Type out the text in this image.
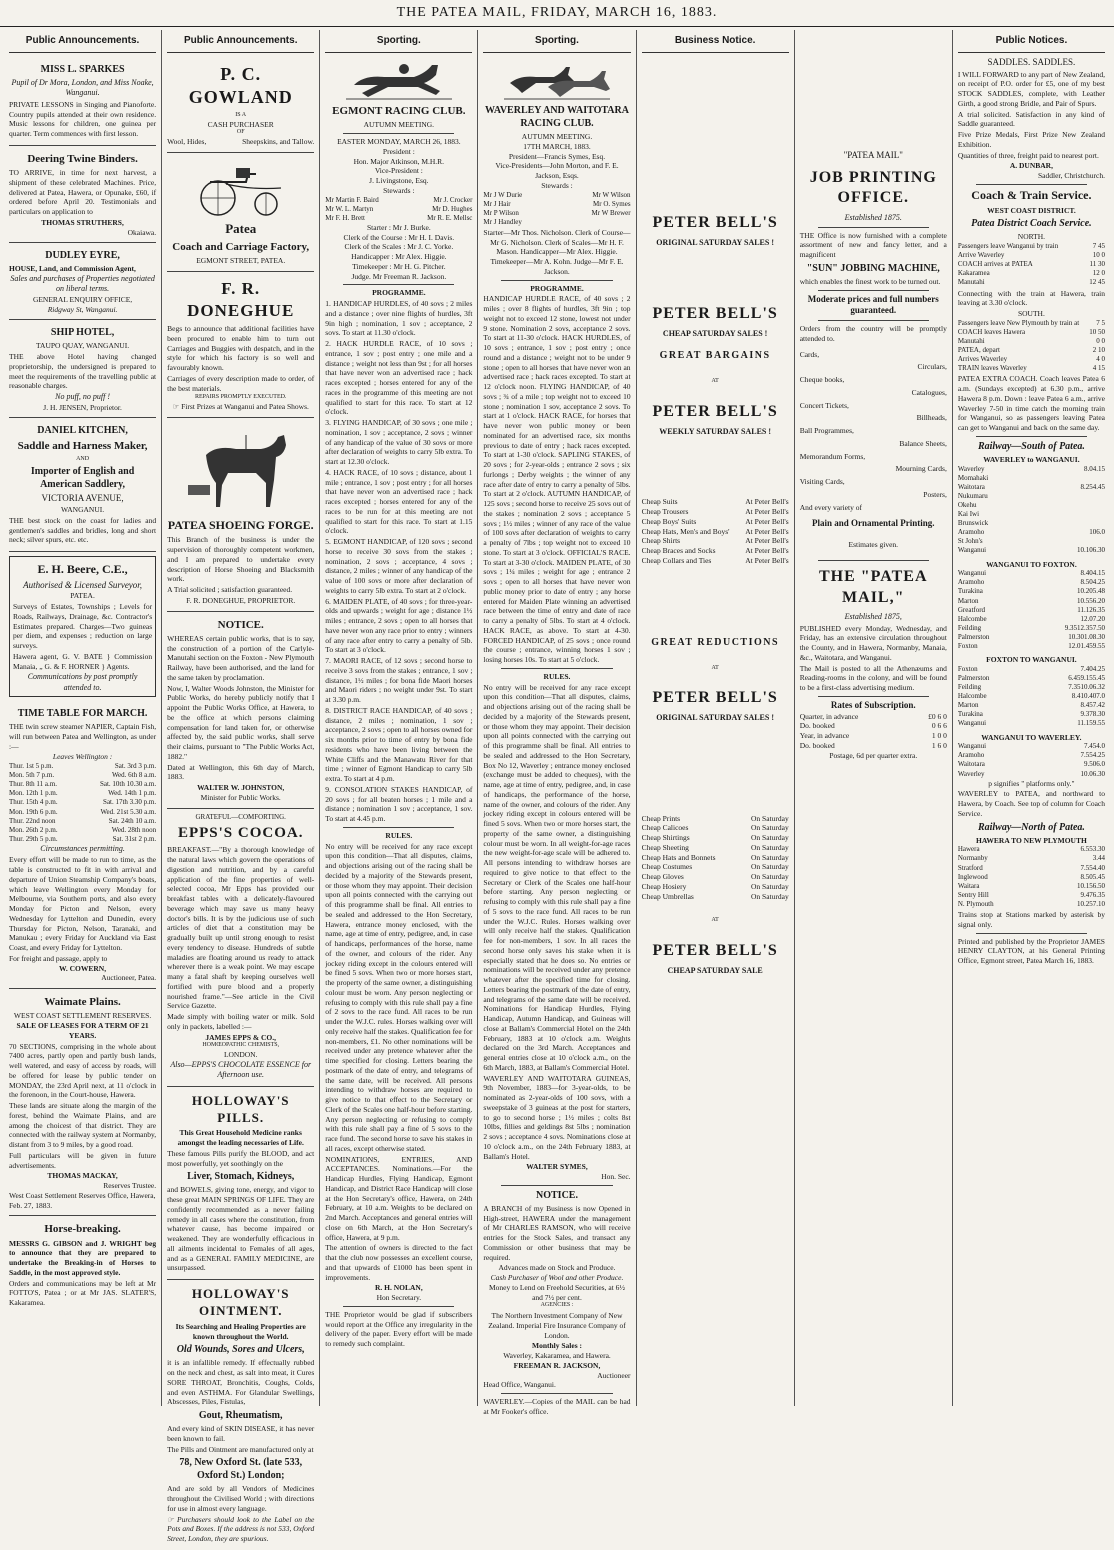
THE PATEA MAIL, FRIDAY, MARCH 16, 1883.
Public Announcements.
MISS L. SPARKES
Pupil of Dr Mora, London, and Miss Noake, Wanganui.

PRIVATE LESSONS in Singing and Pianoforte. Country pupils attended at their own residence. Music lessons for children, one guinea per quarter. Term commences with first lesson.

Deering Twine Binders.

TO ARRIVE, in time for next harvest, a shipment of these celebrated Machines. Price, delivered at Patea, Hawera, or Opunake, £60, if ordered before April 20. Testimonials and particulars on application to

THOMAS STRUTHERS,
Okaiawa.
DUDLEY EYRE,
HOUSE, Land, and Commission Agent,
Sales and purchases of Properties negotiated on liberal terms.
GENERAL ENQUIRY OFFICE,
Ridgway St, Wanganui.
SHIP HOTEL,
TAUPO QUAY, WANGANUI.

THE above Hotel having changed proprietorship, the undersigned is prepared to meet the requirements of the travelling public at reasonable charges.

No puff, no puff !
J. H. JENSEN, Proprietor.
DANIEL KITCHEN,
Saddle and Harness Maker,
AND
Importer of English and American Saddlery,
VICTORIA AVENUE,
WANGANUI.

THE best stock on the coast for ladies and gentlemen's saddles and bridles, long and short neck; silver spurs, etc. etc.

E. H. Beere, C.E.,
Authorised & Licensed Surveyor,
PATEA.

Surveys of Estates, Townships ; Levels for Roads, Railways, Drainage, &c. Contractor's Estimates prepared. Charges—Two guineas per diem, and expenses ; reduction on large surveys.

Hawera agent, G. V. BATE } Commission Manaia, „ G. & F. HORNER } Agents.

Communications by post promptly attended to.
TIME TABLE FOR MARCH.

THE twin screw steamer NAPIER, Captain Fish, will run between Patea and Wellington, as under :—

Leaves Wellington :
Thur. 1st 5 p.m.	Sat. 3rd 3 p.m.
Mon. 5th 7 p.m.	Wed. 6th 8 a.m.
Thur. 8th 11 a.m.	Sat. 10th 10.30 a.m.
Mon. 12th 1 p.m.	Wed. 14th 1 p.m.
Thur. 15th 4 p.m.	Sat. 17th 3.30 p.m.
Mon. 19th 6 p.m.	Wed. 21st 5.30 a.m.
Thur. 22nd noon	Sat. 24th 10 a.m.
Mon. 26th 2 p.m.	Wed. 28th noon
Thur. 29th 5 p.m.	Sat. 31st 2 p.m.
Circumstances permitting.

Every effort will be made to run to time, as the table is constructed to fit in with arrival and departure of Union Steamship Company's boats, which leave Wellington every Monday for Melbourne, via Southern ports, and also every Monday for Picton and Nelson, every Wednesday for Lyttelton and Dunedin, every Thursday for Picton, Nelson, Taranaki, and Manukau ; every Friday for Auckland via East Coast, and every Friday for Lyttelton.

For freight and passage, apply to
W. COWERN,
Auctioneer, Patea.
Waimate Plains.
WEST COAST SETTLEMENT RESERVES.
SALE OF LEASES FOR A TERM OF 21 YEARS.

70 SECTIONS, comprising in the whole about 7400 acres, partly open and partly bush lands, well watered, and easy of access by roads, will be offered for lease by public tender on MONDAY, the 23rd April next, at 11 o'clock in the forenoon, in the Court-house, Hawera.

These lands are situate along the margin of the forest, behind the Waimate Plains, and are among the choicest of that district. They are connected with the railway system at Normanby, distant from 3 to 9 miles, by a good road.

Full particulars will be given in future advertisements.

THOMAS MACKAY,
Reserves Trustee.
West Coast Settlement Reserves Office, Hawera, Feb. 27, 1883.
Horse-breaking.

MESSRS G. GIBSON and J. WRIGHT beg to announce that they are prepared to undertake the Breaking-in of Horses to Saddle, in the most approved style.

Orders and communications may be left at Mr FOTTO'S, Patea ; or at Mr JAS. SLATER'S, Kakaramea.

Public Announcements.
P. C. GOWLAND
IS A
CASH PURCHASER
OF
Wool, Hides,	Sheepskins, and Tallow.
Patea
Coach and Carriage Factory,
EGMONT STREET, PATEA.
F. R. DONEGHUE

Begs to announce that additional facilities have been procured to enable him to turn out Carriages and Buggies with despatch, and in the style for which his factory is so well and favourably known.

Carriages of every description made to order, of the best materials.

REPAIRS PROMPTLY EXECUTED.
☞ First Prizes at Wanganui and Patea Shows.
PATEA SHOEING FORGE.

This Branch of the business is under the supervision of thoroughly competent workmen, and I am prepared to undertake every description of Horse Shoeing and Blacksmith work.

A Trial solicited ; satisfaction guaranteed.

F. R. DONEGHUE, PROPRIETOR.
NOTICE.

WHEREAS certain public works, that is to say, the construction of a portion of the Carlyle-Manutahi section on the Foxton - New Plymouth Railway, have been authorised, and the land for the same taken by proclamation.

Now, I, Walter Woods Johnston, the Minister for Public Works, do hereby publicly notify that I appoint the Public Works Office, at Hawera, to be the office at which persons claiming compensation for land taken for, or otherwise affected by, the said public works, shall serve their claims, pursuant to "The Public Works Act, 1882."

Dated at Wellington, this 6th day of March, 1883.

WALTER W. JOHNSTON,
Minister for Public Works.
GRATEFUL—COMFORTING.
EPPS'S COCOA.

BREAKFAST.—"By a thorough knowledge of the natural laws which govern the operations of digestion and nutrition, and by a careful application of the fine properties of well-selected cocoa, Mr Epps has provided our breakfast tables with a delicately-flavoured beverage which may save us many heavy doctor's bills. It is by the judicious use of such articles of diet that a constitution may be gradually built up until strong enough to resist every tendency to disease. Hundreds of subtle maladies are floating around us ready to attack wherever there is a weak point. We may escape many a fatal shaft by keeping ourselves well fortified with pure blood and a properly nourished frame."—See article in the Civil Service Gazette.

Made simply with boiling water or milk. Sold only in packets, labelled :—

JAMES EPPS & CO.,
HOMŒOPATHIC CHEMISTS,
LONDON.
Also—EPPS'S CHOCOLATE ESSENCE for Afternoon use.
HOLLOWAY'S PILLS.
This Great Household Medicine ranks amongst the leading necessaries of Life.

These famous Pills purify the BLOOD, and act most powerfully, yet soothingly on the

Liver, Stomach, Kidneys,

and BOWELS, giving tone, energy, and vigor to these great MAIN SPRINGS OF LIFE. They are confidently recommended as a never failing remedy in all cases where the constitution, from whatever cause, has become impaired or weakened. They are wonderfully efficacious in all ailments incidental to Females of all ages, and as a GENERAL FAMILY MEDICINE, are unsurpassed.

HOLLOWAY'S OINTMENT.
Its Searching and Healing Properties are known throughout the World.
Old Wounds, Sores and Ulcers,

it is an infallible remedy. If effectually rubbed on the neck and chest, as salt into meat, it Cures SORE THROAT, Bronchitis, Coughs, Colds, and even ASTHMA. For Glandular Swellings, Abscesses, Piles, Fistulas,

Gout, Rheumatism,

And every kind of SKIN DISEASE, it has never been known to fail.

The Pills and Ointment are manufactured only at

78, New Oxford St. (late 533, Oxford St.) London;

And are sold by all Vendors of Medicines throughout the Civilised World ; with directions for use in almost every language.

☞ Purchasers should look to the Label on the Pots and Boxes. If the address is not 533, Oxford Street, London, they are spurious.

Sporting.
EGMONT RACING CLUB.
AUTUMN MEETING.
EASTER MONDAY, MARCH 26, 1883.
President :
Hon. Major Atkinson, M.H.R.
Vice-President :
J. Livingstone, Esq.
Stewards :
Mr Martin F. Baird	Mr J. Crocker
Mr W. L. Martyn	Mr D. Hughes
Mr F. H. Brett	Mr R. E. Mellsc
Starter : Mr J. Burke.
Clerk of the Course : Mr H. I. Davis.
Clerk of the Scales : Mr J. C. Yorke.
Handicapper : Mr Alex. Higgie.
Timekeeper : Mr H. G. Pitcher.
Judge. Mr Freeman R. Jackson.
PROGRAMME.

1. HANDICAP HURDLES, of 40 sovs ; 2 miles and a distance ; over nine flights of hurdles, 3ft 9in high ; nomination, 1 sov ; acceptance, 2 sovs. To start at 11.30 o'clock.

2. HACK HURDLE RACE, of 10 sovs ; entrance, 1 sov ; post entry ; one mile and a distance ; weight not less than 9st ; for all horses that have never won an advertised race ; hack races excepted ; horses entered for any of the races in the programme of this meeting are not qualified to start for this race. To start at 12 o'clock.

3. FLYING HANDICAP, of 30 sovs ; one mile ; nomination, 1 sov ; acceptance, 2 sovs ; winner of any handicap of the value of 30 sovs or more after declaration of weights to carry 5lb extra. To start at 12.30 o'clock.

4. HACK RACE, of 10 sovs ; distance, about 1 mile ; entrance, 1 sov ; post entry ; for all horses that have never won an advertised race ; hack races excepted ; horses entered for any of the races to be run for at this meeting are not qualified to start for this race. To start at 1.15 o'clock.

5. EGMONT HANDICAP, of 120 sovs ; second horse to receive 30 sovs from the stakes ; nomination, 2 sovs ; acceptance, 4 sovs ; distance, 2 miles ; winner of any handicap of the value of 100 sovs or more after declaration of weights to carry 5lb extra. To start at 2 o'clock.

6. MAIDEN PLATE, of 40 sovs ; for three-year-olds and upwards ; weight for age ; distance 1½ miles ; entrance, 2 sovs ; open to all horses that have never won any race prior to entry ; winners of any race after entry to carry a penalty of 5lb. To start at 3 o'clock.

7. MAORI RACE, of 12 sovs ; second horse to receive 3 sovs from the stakes ; entrance, 1 sov ; distance, 1½ miles ; for bona fide Maori horses and Maori riders ; no weight under 9st. To start at 3.30 p.m.

8. DISTRICT RACE HANDICAP, of 40 sovs ; distance, 2 miles ; nomination, 1 sov ; acceptance, 2 sovs ; open to all horses owned for six months prior to time of entry by bona fide residents who have been living between the White Cliffs and the Manawatu River for that time ; winner of Egmont Handicap to carry 5lb extra. To start at 4 p.m.

9. CONSOLATION STAKES HANDICAP, of 20 sovs ; for all beaten horses ; 1 mile and a distance ; nomination 1 sov ; acceptance, 1 sov. To start at 4.45 p.m.

RULES.

No entry will be received for any race except upon this condition—That all disputes, claims, and objections arising out of the racing shall be decided by a majority of the Stewards present, or those whom they may appoint. Their decision upon all points connected with the carrying out of this programme shall be final. All entries to be sealed and addressed to the Hon Secretary, Hawera, entrance money enclosed, with the name, age at time of entry, pedigree, and, in case of handicaps, performances of the horse, name of the owner, and colours of the rider. Any jockey riding except in the colours entered will be fined 5 sovs. When two or more horses start, the property of the same owner, a distinguishing colour must be worn. Any person neglecting or refusing to comply with this rule shall pay a fine of 2 sovs to the race fund. All races to be run under the W.J.C. rules. Horses walking over will only receive half the stakes. Qualification fee for non-members, £1. No other nominations will be received under any pretence whatever after the time specified for closing. Letters bearing the postmark of the date of entry, and telegrams of the same date, will be received. All persons intending to withdraw horses are required to give notice to that effect to the Secretary or Clerk of the Scales one half-hour before starting. Any person neglecting or refusing to comply with this rule shall pay a fine of 5 sovs to the race fund. The second horse to save his stakes in all races, except otherwise stated.

NOMINATIONS, ENTRIES, AND ACCEPTANCES. Nominations.—For the Handicap Hurdles, Flying Handicap, Egmont Handicap, and District Race Handicap will close at the Hon Secretary's office, Hawera, on 24th February, at 10 a.m. Weights to be declared on 2nd March. Acceptances and general entries will close on 6th March, at the Hon Secretary's office, Hawera, at 9 p.m.

The attention of owners is directed to the fact that the club now possesses an excellent course, and that upwards of £1000 has been spent in improvements.

R. H. NOLAN,
Hon Secretary.

THE Proprietor would be glad if subscribers would report at the Office any irregularity in the delivery of the paper. Every effort will be made to remedy such complaint.

Sporting.
WAVERLEY AND WAITOTARA RACING CLUB.
AUTUMN MEETING.
17TH MARCH, 1883.
President—Francis Symes, Esq.
Vice-Presidents—John Morton, and F. E. Jackson, Esqs.
Stewards :
Mr J W Durie	Mr W Wilson
Mr J Hair	Mr O. Symes
Mr P Wilson	Mr W Brewer
Mr J Handley

Starter—Mr Thos. Nicholson. Clerk of Course—Mr G. Nicholson. Clerk of Scales—Mr H. F. Mason. Handicapper—Mr Alex. Higgie. Timekeeper—Mr A. Kohn. Judge—Mr F. E. Jackson.

PROGRAMME.

HANDICAP HURDLE RACE, of 40 sovs ; 2 miles ; over 8 flights of hurdles, 3ft 9in ; top weight not to exceed 12 stone, lowest not under 9 stone. Nomination 2 sovs, acceptance 2 sovs. To start at 11-30 o'clock. HACK HURDLES, of 10 sovs ; entrance, 1 sov ; post entry ; once round and a distance ; weight not to be under 9 stone ; open to all horses that have never won an advertised race ; hack races excepted. To start at 12 o'clock noon. FLYING HANDICAP, of 40 sovs ; ¾ of a mile ; top weight not to exceed 10 stone ; nomination 1 sov, acceptance 2 sovs. To start at 1 o'clock. HACK RACE, for horses that have never won public money or been nominated for an advertised race, six months previous to date of entry ; hack races excepted. To start at 1-30 o'clock. SAPLING STAKES, of 20 sovs ; for 2-year-olds ; entrance 2 sovs ; six furlongs ; Derby weights ; the winner of any race after date of entry to carry a penalty of 5lbs. To start at 2 o'clock. AUTUMN HANDICAP, of 125 sovs ; second horse to receive 25 sovs out of the stakes ; nomination 2 sovs ; acceptance 5 sovs ; 1½ miles ; winner of any race of the value of 100 sovs after declaration of weights to carry a penalty of 7lbs ; top weight not to exceed 10 stone. To start at 3 o'clock. OFFICIAL'S RACE. To start at 3-30 o'clock. MAIDEN PLATE, of 30 sovs ; 1¼ miles ; weight for age ; entrance 2 sovs ; open to all horses that have never won public money prior to date of entry ; any horse entered for Maiden Plate winning an advertised race between the time of entry and date of race to carry a penalty of 5lbs. To start at 4 o'clock. HACK RACE, as above. To start at 4-30. FORCED HANDICAP, of 25 sovs ; once round the course ; entrance, winning horses 1 sov ; losing horses 10s. To start at 5 o'clock.

RULES.

No entry will be received for any race except upon this condition—That all disputes, claims, and objections arising out of the racing shall be decided by a majority of the Stewards present, or those whom they may appoint. Their decision upon all points connected with the carrying out of this programme shall be final. All entries to be sealed and addressed to the Hon Secretary, Box No 12, Waverley ; entrance money enclosed (exchange must be added to cheques), with the name, age at time of entry, pedigree, and, in case of handicaps, the performance of the horse, name of the owner, and colours of the rider. Any jockey riding except in colours entered will be fined 5 sovs. When two or more horses start, the property of the same owner, a distinguishing colour must be worn. In all weight-for-age races the new weight-for-age scale will be adhered to. All persons intending to withdraw horses are required to give notice to that effect to the Secretary or Clerk of the Scales one half-hour before starting. Any person neglecting or refusing to comply with this rule shall pay a fine of 5 sovs to the race fund. All races to be run under the W.J.C. Rules. Horses walking over will only receive half the stakes. Qualification fee for non-members, 1 sov. In all races the second horse only saves his stake when it is especially stated that he does so. No entries or nominations will be received under any pretence whatever after the specified time for closing. Letters bearing the postmark of the date of entry, and telegrams of the same date will be received. Nominations for Handicap Hurdles, Flying Handicap, Autumn Handicap, and Guineas will close at Ballam's Commercial Hotel on the 24th February, 1883 at 10 o'clock a.m. Weights declared on the 3rd March. Acceptances and general entries close at 10 o'clock a.m., on the 6th March, 1883, at Ballam's Commercial Hotel.

WAVERLEY AND WAITOTARA GUINEAS, 9th November, 1883—for 3-year-olds, to be nominated as 2-year-olds of 100 sovs, with a sweepstake of 3 guineas at the post for starters, to go to second horse ; 1½ miles ; colts 8st 10lbs, fillies and geldings 8st 5lbs ; nomination 2 sovs ; acceptance 4 sovs. Nominations close at 10 o'clock a.m., on the 24th February 1883, at Ballam's Hotel.

WALTER SYMES,
Hon. Sec.
NOTICE.

A BRANCH of my Business is now Opened in High-street, HAWERA under the management of Mr CHARLES RAMSON, who will receive entries for the Stock Sales, and transact any Commission or other business that may be required.

Advances made on Stock and Produce.
Cash Purchaser of Wool and other Produce.
Money to Lend on Freehold Securities, at 6½ and 7½ per cent.
AGENCIES :

The Northern Investment Company of New Zealand. Imperial Fire Insurance Company of London.

Monthly Sales :
Waverley, Kakaramea, and Hawera.
FREEMAN R. JACKSON,
Auctioneer
Head Office, Wanganui.

WAVERLEY.—Copies of the MAIL can be had at Mr Fooker's office.

Business Notice.
PETER BELL'S
ORIGINAL SATURDAY SALES !
PETER BELL'S
CHEAP SATURDAY SALES !
GREAT BARGAINS
AT
PETER BELL'S
WEEKLY SATURDAY SALES !
Cheap Suits	At Peter Bell's
Cheap Trousers	At Peter Bell's
Cheap Boys' Suits	At Peter Bell's
Cheap Hats, Men's and Boys' At Peter Bell's
Cheap Shirts	At Peter Bell's
Cheap Braces and Socks	At Peter Bell's
Cheap Collars and Ties	At Peter Bell's
GREAT REDUCTIONS
AT
PETER BELL'S
ORIGINAL SATURDAY SALES !
Cheap Prints	On Saturday
Cheap Calicoes	On Saturday
Cheap Shirtings	On Saturday
Cheap Sheeting	On Saturday
Cheap Hats and Bonnets	On Saturday
Cheap Costumes	On Saturday
Cheap Gloves	On Saturday
Cheap Hosiery	On Saturday
Cheap Umbrellas	On Saturday
AT
PETER BELL'S
CHEAP SATURDAY SALE
"PATEA MAIL"
JOB PRINTING OFFICE.
Established 1875.

THE Office is now furnished with a complete assortment of new and fancy letter, and a magnificent

"SUN" JOBBING MACHINE,

which enables the finest work to be turned out.

Moderate prices and full numbers guaranteed.

Orders from the country will be promptly attended to.

Cards,
Circulars,
Cheque books,
Catalogues,
Concert Tickets,
Billheads,
Ball Programmes,
Balance Sheets,
Memorandum Forms,
Mourning Cards,
Visiting Cards,
Posters,
And every variety of
Plain and Ornamental Printing.
Estimates given.
THE "PATEA MAIL,"
Established 1875,

PUBLISHED every Monday, Wednesday, and Friday, has an extensive circulation throughout the County, and in Hawera, Normanby, Manaia, &c., Waitotara, and Wanganui.

The Mail is posted to all the Athenæums and Reading-rooms in the colony, and will be found to be a first-class advertising medium.

Rates of Subscription.
Quarter, in advance	£0 6 0
Do. booked	0 6 6
Year, in advance	1 0 0
Do. booked	1 6 0
Postage, 6d per quarter extra.
Public Notices.
SADDLES. SADDLES.

I WILL FORWARD to any part of New Zealand, on receipt of P.O. order for £5, one of my best STOCK SADDLES, complete, with Leather Girth, a good strong Bridle, and Pair of Spurs.

A trial solicited. Satisfaction in any kind of Saddle guaranteed.

Five Prize Medals, First Prize New Zealand Exhibition.

Quantities of three, freight paid to nearest port.

A. DUNBAR,
Saddler, Christchurch.
Coach & Train Service.
WEST COAST DISTRICT.
Patea District Coach Service.
NORTH.
Passengers leave Wanganui by train	7 45
Arrive Waverley	10 0
COACH arrives at PATEA	11 30
Kakaramea	12 0
Manutahi	12 45

Connecting with the train at Hawera, train leaving at 3.30 o'clock.

SOUTH.
Passengers leave New Plymouth by train at	7 5
COACH leaves Hawera	10 50
Manutahi	0 0
PATEA, depart	2 10
Arrives Waverley	4 0
TRAIN leaves Waverley	4 15

PATEA EXTRA COACH. Coach leaves Patea 6 a.m. (Sundays excepted) at 6.30 p.m., arrive Hawera 8 p.m. Down : leave Patea 6 a.m., arrive Waverley 7-50 in time catch the morning train for Wanganui, so as passengers leaving Patea can get to Wanganui and back on the same day.

Railway—South of Patea.
WAVERLEY to WANGANUI.
Waverley	8.0 4.15
Momahaki
Waitotara	8.25 4.45
Nukumaru
Okehu
Kai Iwi
Brunswick
Aramoho	10 6.0
St John's
Wanganui	10.10 6.30
WANGANUI TO FOXTON.
Wanganui	8.40 4.15
Aramoho	8.50 4.25
Turakina	10.20 5.48
Marton	10.55 6.20
Greatford	11.12 6.35
Halcombe	12.0 7.20
Feilding	9.35 12.35 7.50
Palmerston	10.30 1.0 8.30
Foxton	12.0 1.45 9.55
FOXTON TO WANGANUI.
Foxton	7.40 4.25
Palmerston	6.45 9.15 5.45
Feilding	7.35 10.0 6.32
Halcombe	8.4 10.40 7.0
Marton	8.45 7.42
Turakina	9.37 8.30
Wanganui	11.15 9.55
WANGANUI TO WAVERLEY.
Wanganui	7.45 4.0
Aramoho	7.55 4.25
Waitotara	9.50 6.0
Waverley	10.0 6.30
p signifies " platforms only."

WAVERLEY to PATEA, and northward to Hawera, by Coach. See top of column for Coach Service.

Railway—North of Patea.
HAWERA TO NEW PLYMOUTH
Hawera	6.55 3.30
Normanby	3.44
Stratford	7.55 4.40
Inglewood	8.50 5.45
Waitara	10.15 6.50
Sentry Hill	9.47 6.35
N. Plymouth	10.25 7.10

Trains stop at Stations marked by asterisk by signal only.

Printed and published by the Proprietor JAMES HENRY CLAYTON, at his General Printing Office, Egmont street, Patea March 16, 1883.
